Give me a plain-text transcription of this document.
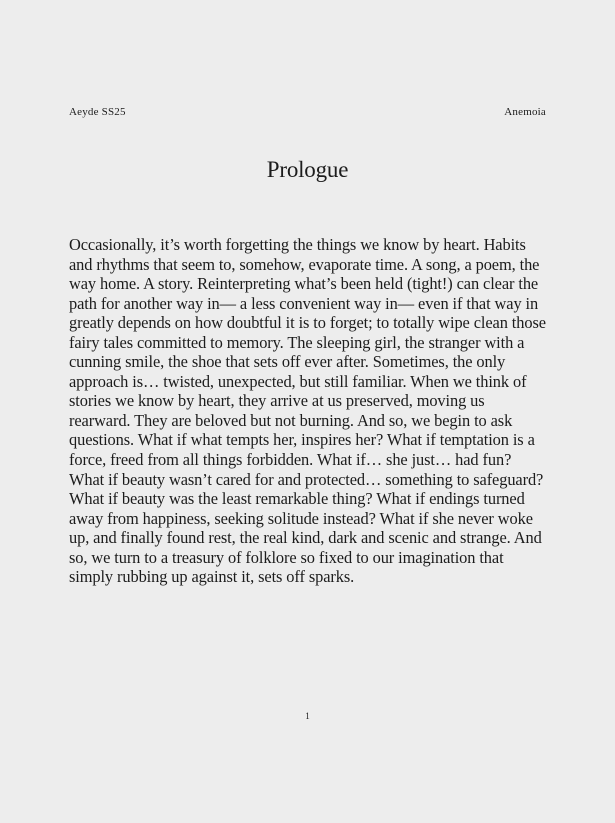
Aeyde SS25	Anemoia
Prologue

Occasionally, it’s worth forgetting the things we know by heart. Habits and rhythms that seem to, somehow, evaporate time. A song, a poem, the way home. A story. Reinterpreting what’s been held (tight!) can clear the path for another way in— a less convenient way in— even if that way in greatly depends on how doubtful it is to forget; to totally wipe clean those fairy tales committed to memory. The sleeping girl, the stranger with a cunning smile, the shoe that sets off ever after. Sometimes, the only approach is… twisted, unexpected, but still familiar. When we think of stories we know by heart, they arrive at us preserved, moving us rearward. They are beloved but not burning. And so, we begin to ask questions. What if what tempts her, inspires her? What if temptation is a force, freed from all things forbidden. What if… she just… had fun? What if beauty wasn’t cared for and protected… something to safeguard? What if beauty was the least remarkable thing? What if endings turned away from happiness, seeking solitude instead? What if she never woke up, and finally found rest, the real kind, dark and scenic and strange. And so, we turn to a treasury of folklore so fixed to our imagination that simply rubbing up against it, sets off sparks.

1
